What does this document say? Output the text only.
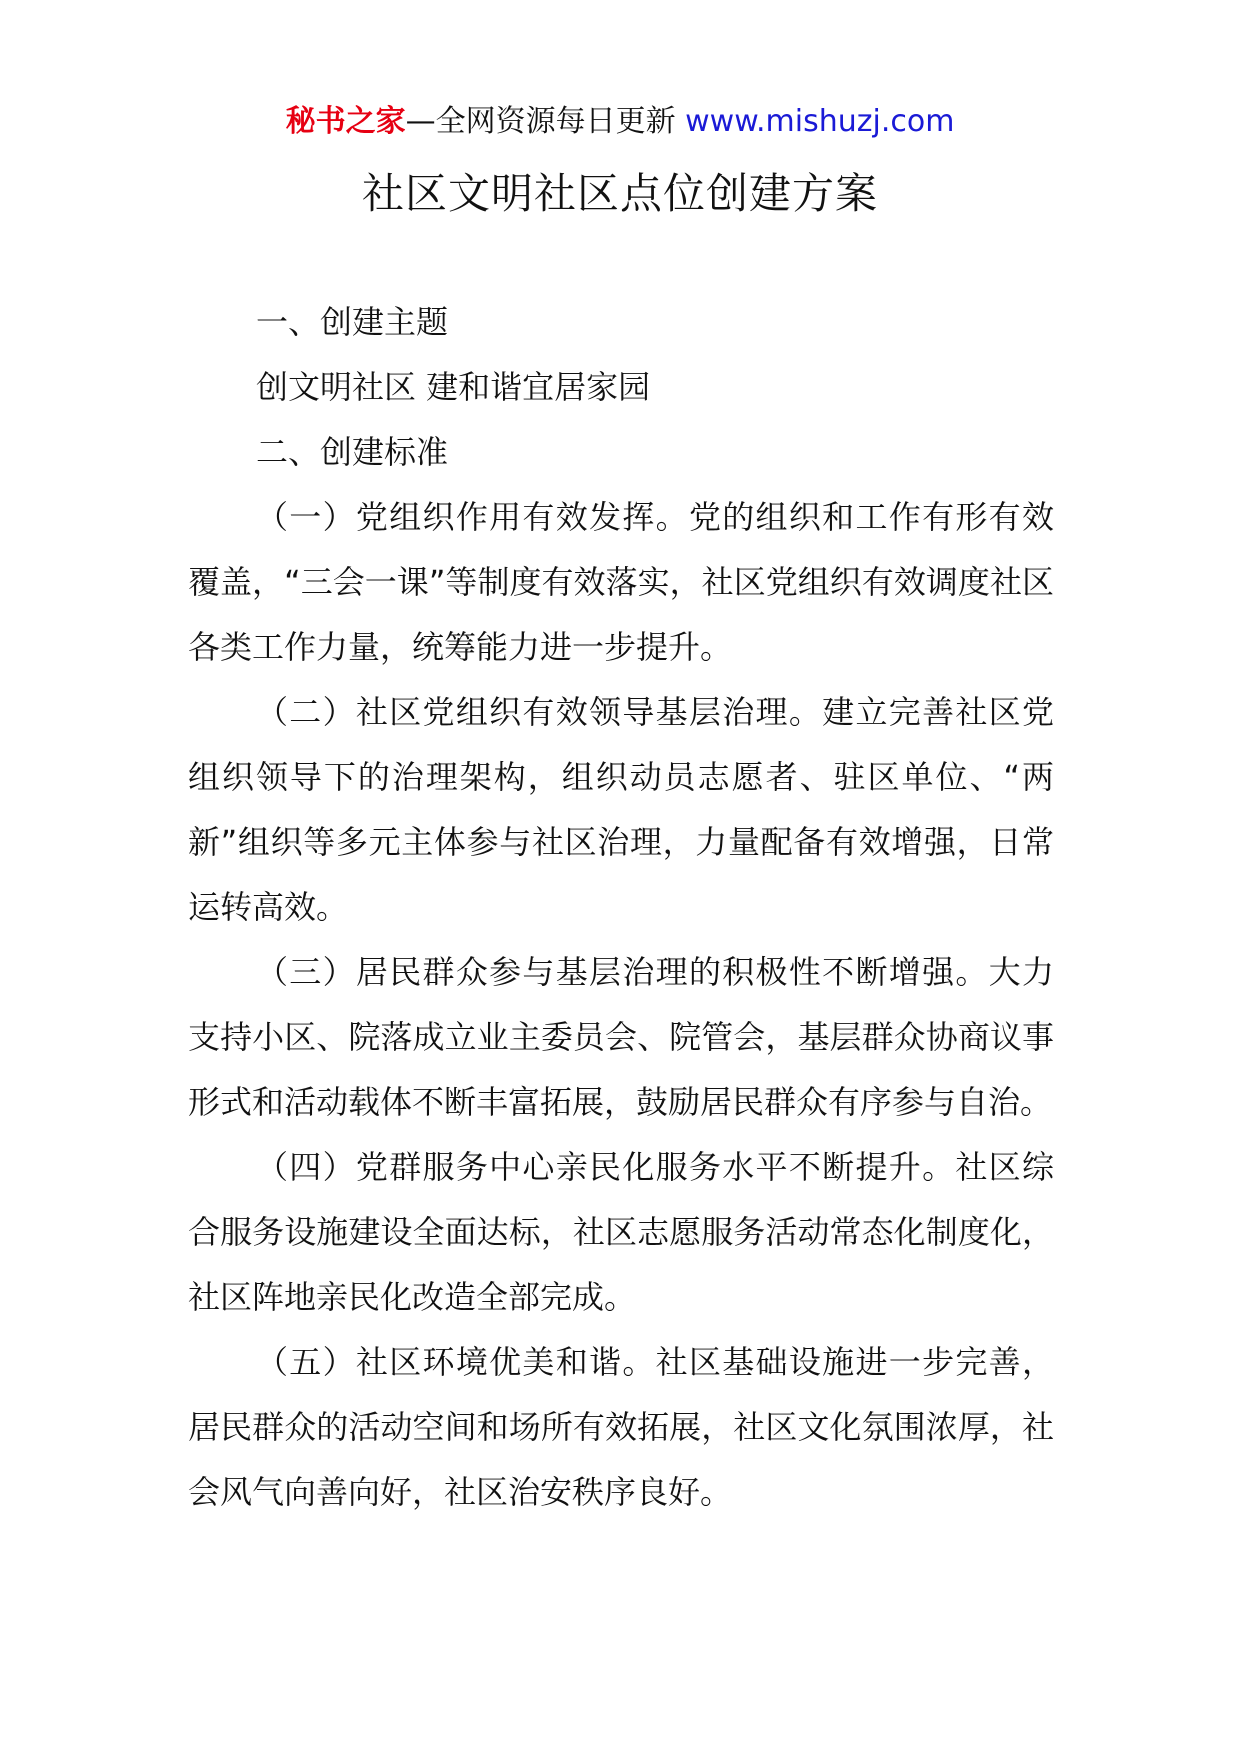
秘书之家—全网资源每日更新 www.mishuzj.com
社区文明社区点位创建方案

一、创建主题

创文明社区 建和谐宜居家园

二、创建标准

（一）党组织作用有效发挥。党的组织和工作有形有效覆盖，“三会一课”等制度有效落实，社区党组织有效调度社区各类工作力量，统筹能力进一步提升。

（二）社区党组织有效领导基层治理。建立完善社区党组织领导下的治理架构，组织动员志愿者、驻区单位、“两新”组织等多元主体参与社区治理，力量配备有效增强，日常运转高效。

（三）居民群众参与基层治理的积极性不断增强。大力支持小区、院落成立业主委员会、院管会，基层群众协商议事形式和活动载体不断丰富拓展，鼓励居民群众有序参与自治。

（四）党群服务中心亲民化服务水平不断提升。社区综合服务设施建设全面达标，社区志愿服务活动常态化制度化，社区阵地亲民化改造全部完成。

（五）社区环境优美和谐。社区基础设施进一步完善，居民群众的活动空间和场所有效拓展，社区文化氛围浓厚，社会风气向善向好，社区治安秩序良好。
